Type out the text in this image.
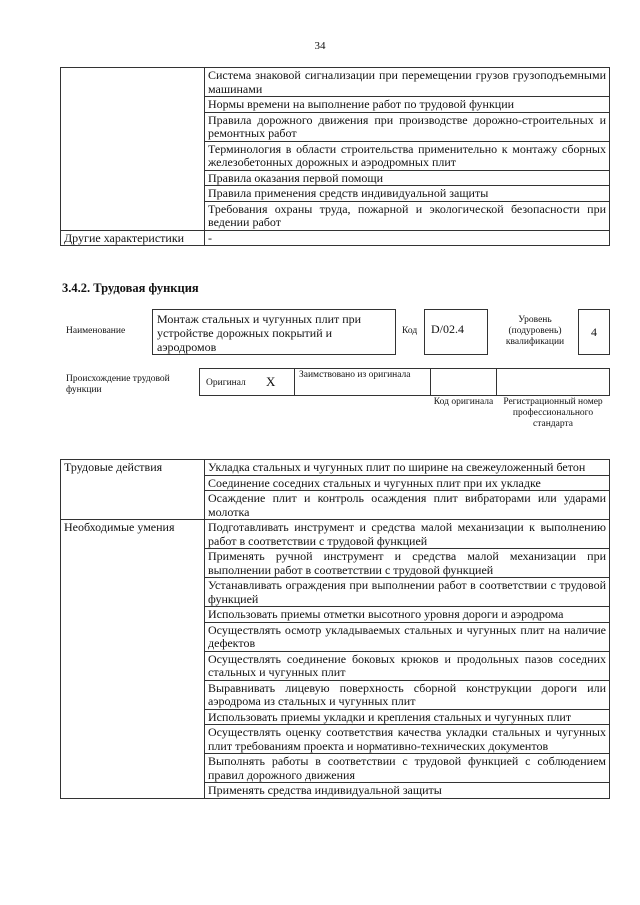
34
	Система знаковой сигнализации при перемещении грузов грузоподъемными машинами
	Нормы времени на выполнение работ по трудовой функции
	Правила дорожного движения при производстве дорожно-строительных и ремонтных работ
	Терминология в области строительства применительно к монтажу сборных железобетонных дорожных и аэродромных плит
	Правила оказания первой помощи
	Правила применения средств индивидуальной защиты
	Требования охраны труда, пожарной и экологической безопасности при ведении работ
Другие характеристики	-
3.4.2. Трудовая функция
Наименование
Монтаж стальных и чугунных плит при устройстве дорожных покрытий и аэродромов
Код	D/02.4
Уровень (подуровень) квалификации
4
Происхождение трудовой функции
Оригинал X Заимствовано из оригинала
Код оригинала	Регистрационный номер профессионального стандарта
Трудовые действия	Укладка стальных и чугунных плит по ширине на свежеуложенный бетон
	Соединение соседних стальных и чугунных плит при их укладке
	Осаждение плит и контроль осаждения плит вибраторами или ударами молотка
Необходимые умения	Подготавливать инструмент и средства малой механизации к выполнению работ в соответствии с трудовой функцией
	Применять ручной инструмент и средства малой механизации при выполнении работ в соответствии с трудовой функцией
	Устанавливать ограждения при выполнении работ в соответствии с трудовой функцией
	Использовать приемы отметки высотного уровня дороги и аэродрома
	Осуществлять осмотр укладываемых стальных и чугунных плит на наличие дефектов
	Осуществлять соединение боковых крюков и продольных пазов соседних стальных и чугунных плит
	Выравнивать лицевую поверхность сборной конструкции дороги или аэродрома из стальных и чугунных плит
	Использовать приемы укладки и крепления стальных и чугунных плит
	Осуществлять оценку соответствия качества укладки стальных и чугунных плит требованиям проекта и нормативно-технических документов
	Выполнять работы в соответствии с трудовой функцией с соблюдением правил дорожного движения
	Применять средства индивидуальной защиты
